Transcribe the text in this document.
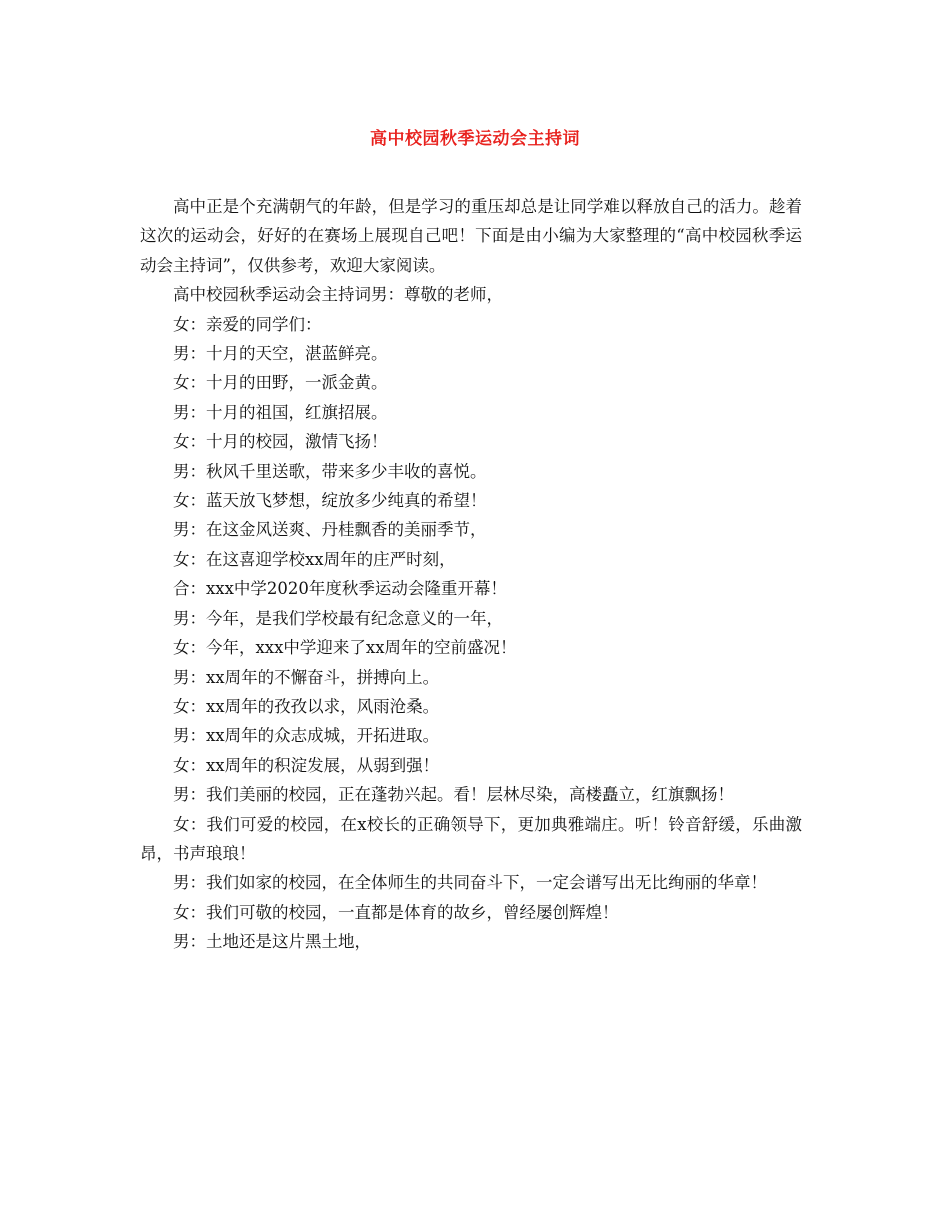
高中校园秋季运动会主持词

高中正是个充满朝气的年龄，但是学习的重压却总是让同学难以释放自己的活力。趁着这次的运动会，好好的在赛场上展现自己吧！下面是由小编为大家整理的“高中校园秋季运动会主持词”，仅供参考，欢迎大家阅读。

高中校园秋季运动会主持词男：尊敬的老师，

女：亲爱的同学们：

男：十月的天空，湛蓝鲜亮。

女：十月的田野，一派金黄。

男：十月的祖国，红旗招展。

女：十月的校园，激情飞扬！

男：秋风千里送歌，带来多少丰收的喜悦。

女：蓝天放飞梦想，绽放多少纯真的希望！

男：在这金风送爽、丹桂飘香的美丽季节，

女：在这喜迎学校xx周年的庄严时刻，

合：xxx中学2020年度秋季运动会隆重开幕！

男：今年，是我们学校最有纪念意义的一年，

女：今年，xxx中学迎来了xx周年的空前盛况！

男：xx周年的不懈奋斗，拼搏向上。

女：xx周年的孜孜以求，风雨沧桑。

男：xx周年的众志成城，开拓进取。

女：xx周年的积淀发展，从弱到强！

男：我们美丽的校园，正在蓬勃兴起。看！层林尽染，高楼矗立，红旗飘扬！

女：我们可爱的校园，在x校长的正确领导下，更加典雅端庄。听！铃音舒缓，乐曲激昂，书声琅琅！

男：我们如家的校园，在全体师生的共同奋斗下，一定会谱写出无比绚丽的华章！

女：我们可敬的校园，一直都是体育的故乡，曾经屡创辉煌！

男：土地还是这片黑土地，
